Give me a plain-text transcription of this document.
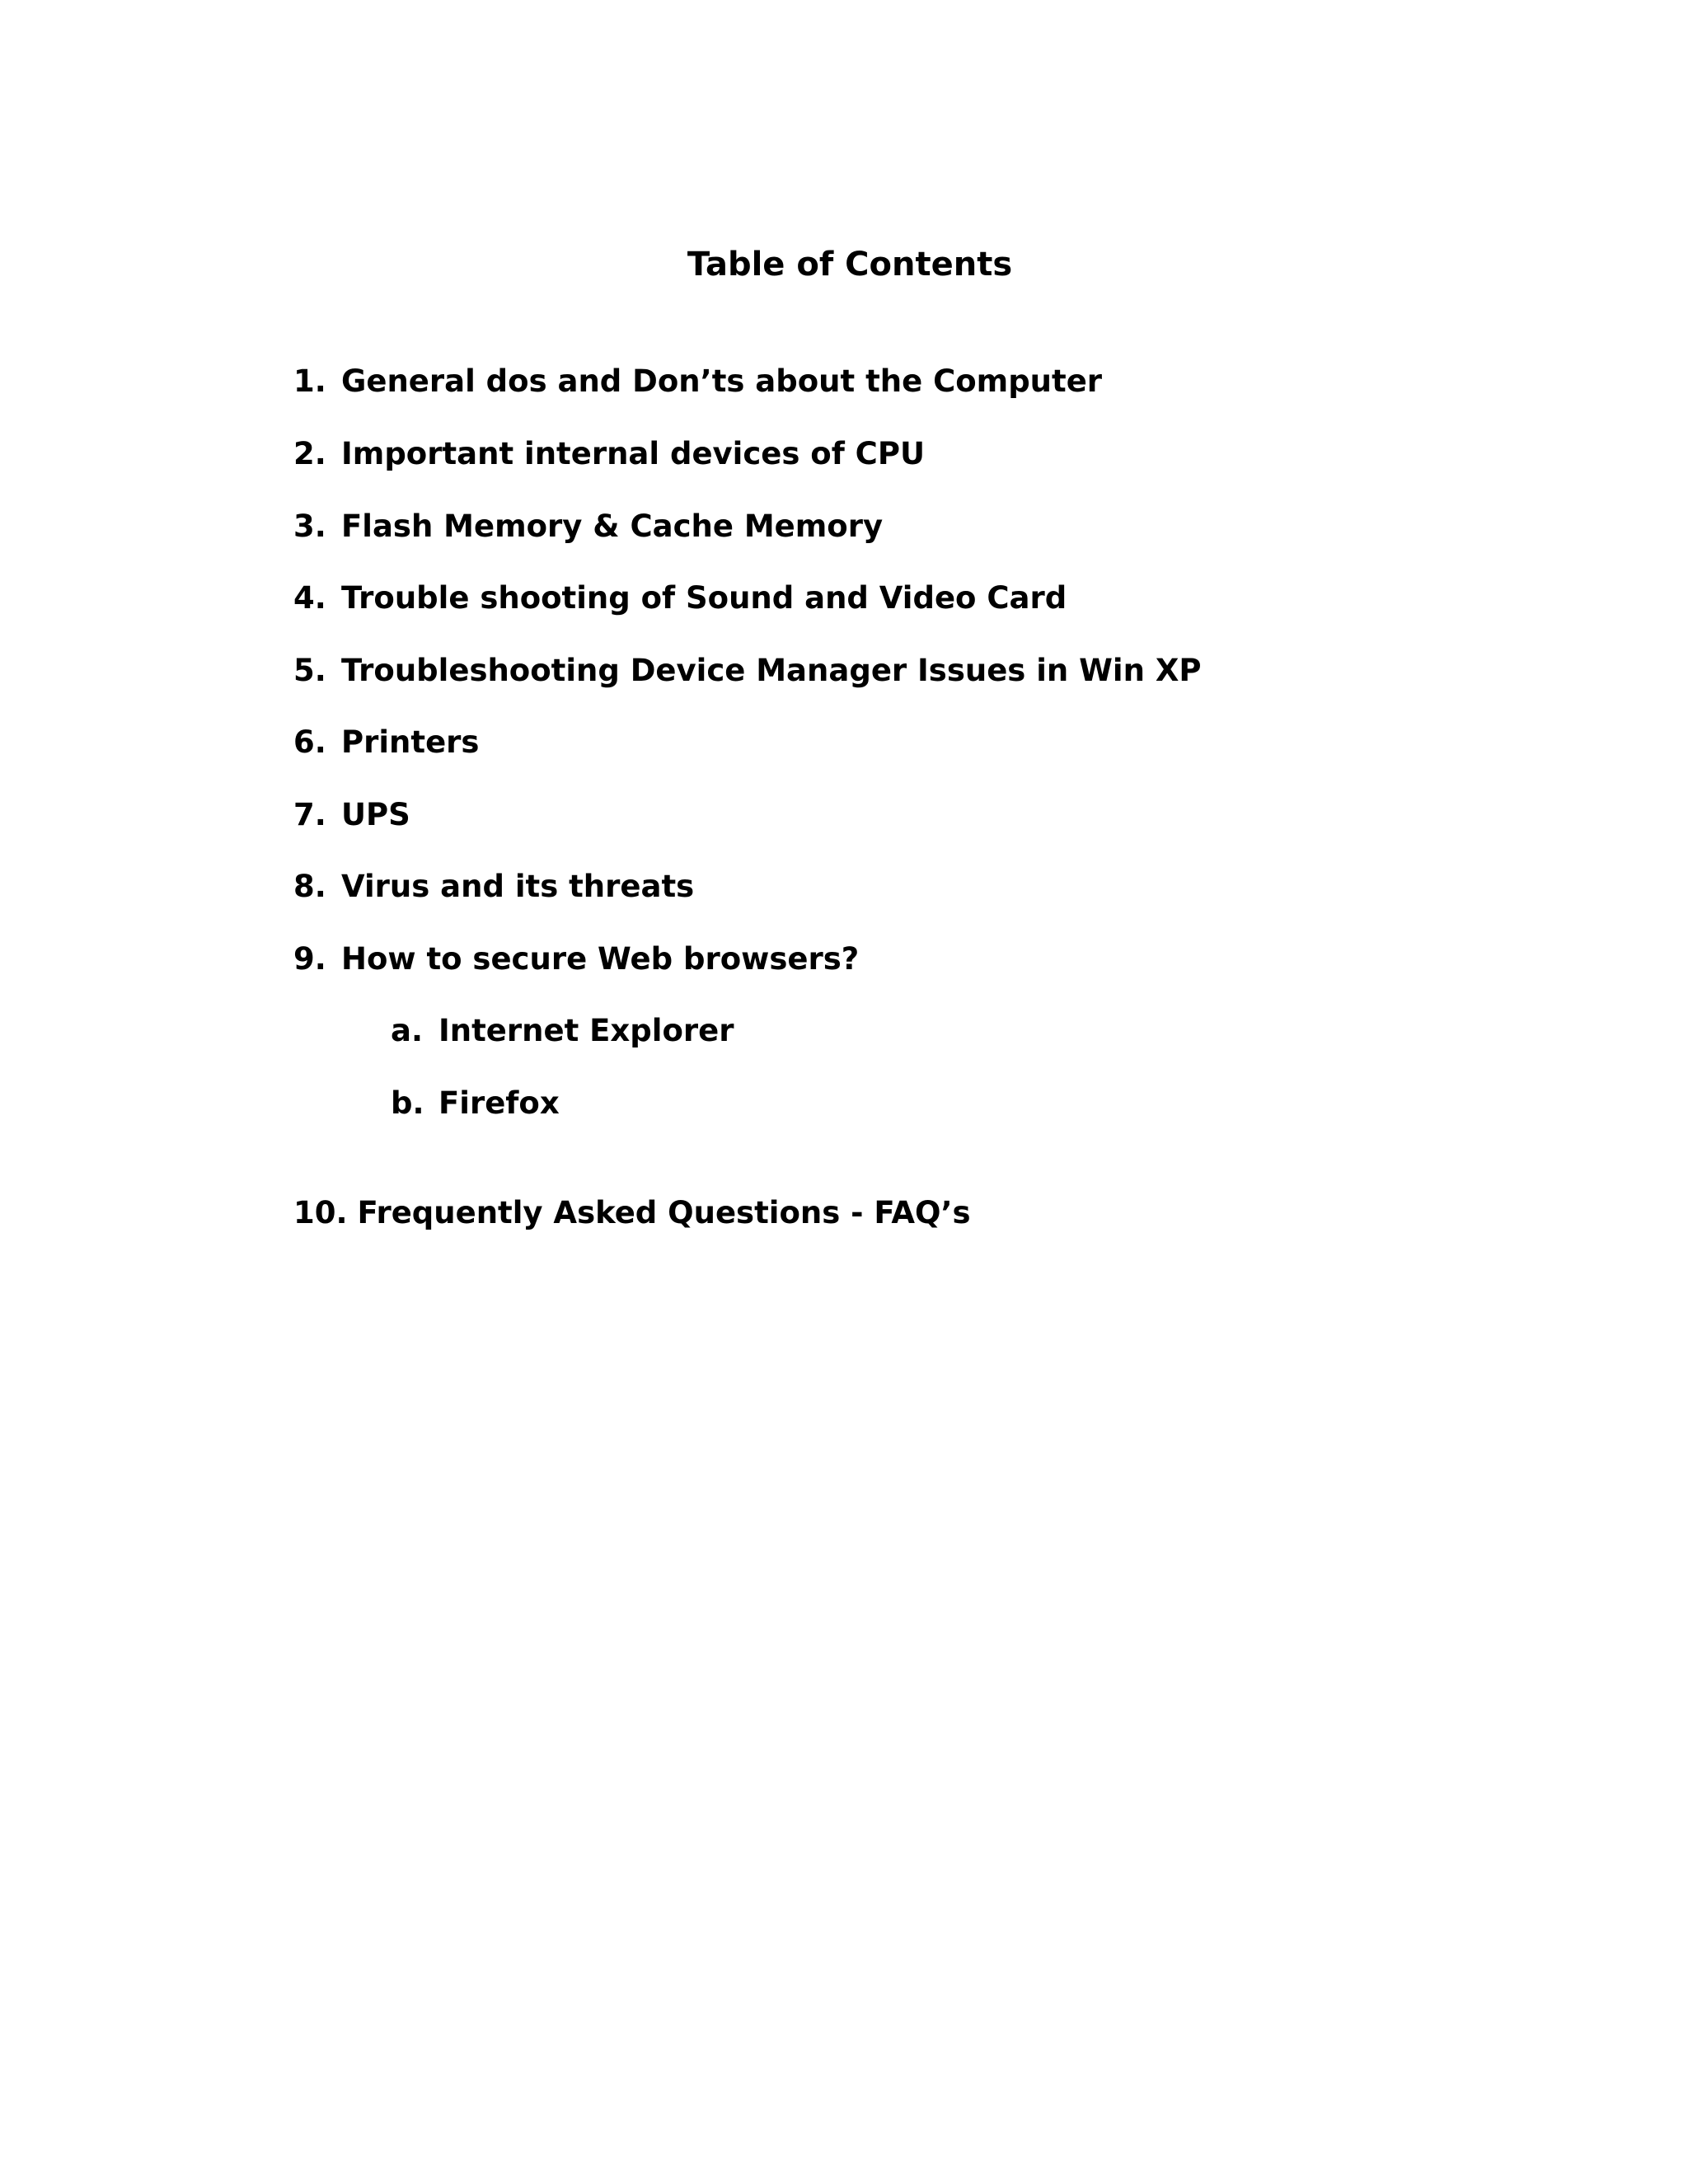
Table of Contents
1. General dos and Don’ts about the Computer
2. Important internal devices of CPU
3. Flash Memory & Cache Memory
4. Trouble shooting of Sound and Video Card
5. Troubleshooting Device Manager Issues in Win XP
6. Printers
7. UPS
8. Virus and its threats
9. How to secure Web browsers?
a. Internet Explorer
b. Firefox
10. Frequently Asked Questions - FAQ’s
